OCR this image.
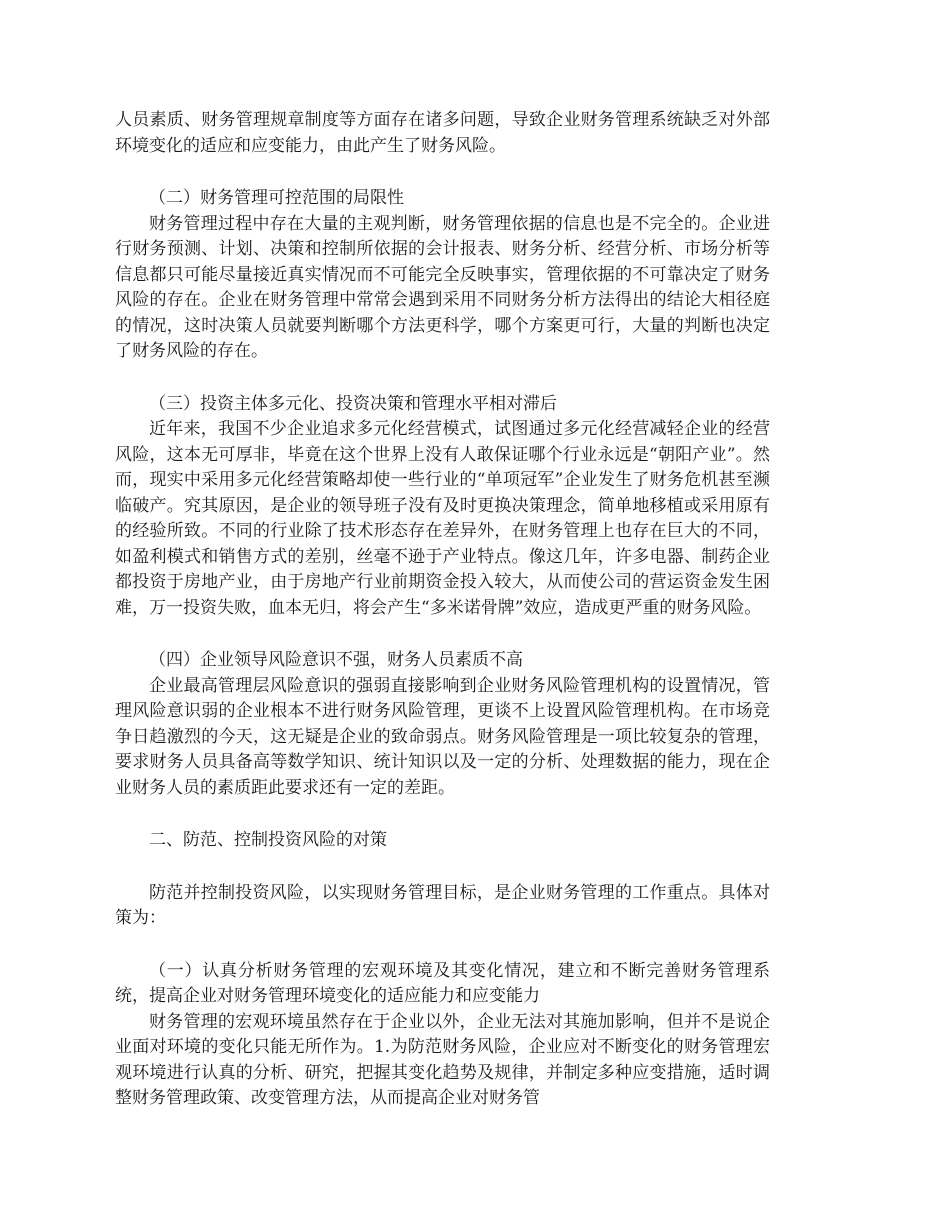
人员素质、财务管理规章制度等方面存在诸多问题，导致企业财务管理系统缺乏对外部环境变化的适应和应变能力，由此产生了财务风险。

（二）财务管理可控范围的局限性

财务管理过程中存在大量的主观判断，财务管理依据的信息也是不完全的。企业进行财务预测、计划、决策和控制所依据的会计报表、财务分析、经营分析、市场分析等信息都只可能尽量接近真实情况而不可能完全反映事实，管理依据的不可靠决定了财务风险的存在。企业在财务管理中常常会遇到采用不同财务分析方法得出的结论大相径庭的情况，这时决策人员就要判断哪个方法更科学，哪个方案更可行，大量的判断也决定了财务风险的存在。

（三）投资主体多元化、投资决策和管理水平相对滞后

近年来，我国不少企业追求多元化经营模式，试图通过多元化经营减轻企业的经营风险，这本无可厚非，毕竟在这个世界上没有人敢保证哪个行业永远是“朝阳产业”。然而，现实中采用多元化经营策略却使一些行业的“单项冠军”企业发生了财务危机甚至濒临破产。究其原因，是企业的领导班子没有及时更换决策理念，简单地移植或采用原有的经验所致。不同的行业除了技术形态存在差异外，在财务管理上也存在巨大的不同，如盈利模式和销售方式的差别，丝毫不逊于产业特点。像这几年，许多电器、制药企业都投资于房地产业，由于房地产行业前期资金投入较大，从而使公司的营运资金发生困难，万一投资失败，血本无归，将会产生“多米诺骨牌”效应，造成更严重的财务风险。

（四）企业领导风险意识不强，财务人员素质不高

企业最高管理层风险意识的强弱直接影响到企业财务风险管理机构的设置情况，管理风险意识弱的企业根本不进行财务风险管理，更谈不上设置风险管理机构。在市场竞争日趋激烈的今天，这无疑是企业的致命弱点。财务风险管理是一项比较复杂的管理，要求财务人员具备高等数学知识、统计知识以及一定的分析、处理数据的能力，现在企业财务人员的素质距此要求还有一定的差距。

二、防范、控制投资风险的对策

防范并控制投资风险，以实现财务管理目标，是企业财务管理的工作重点。具体对策为：

（一）认真分析财务管理的宏观环境及其变化情况，建立和不断完善财务管理系统，提高企业对财务管理环境变化的适应能力和应变能力

财务管理的宏观环境虽然存在于企业以外，企业无法对其施加影响，但并不是说企业面对环境的变化只能无所作为。1.为防范财务风险，企业应对不断变化的财务管理宏观环境进行认真的分析、研究，把握其变化趋势及规律，并制定多种应变措施，适时调整财务管理政策、改变管理方法，从而提高企业对财务管
